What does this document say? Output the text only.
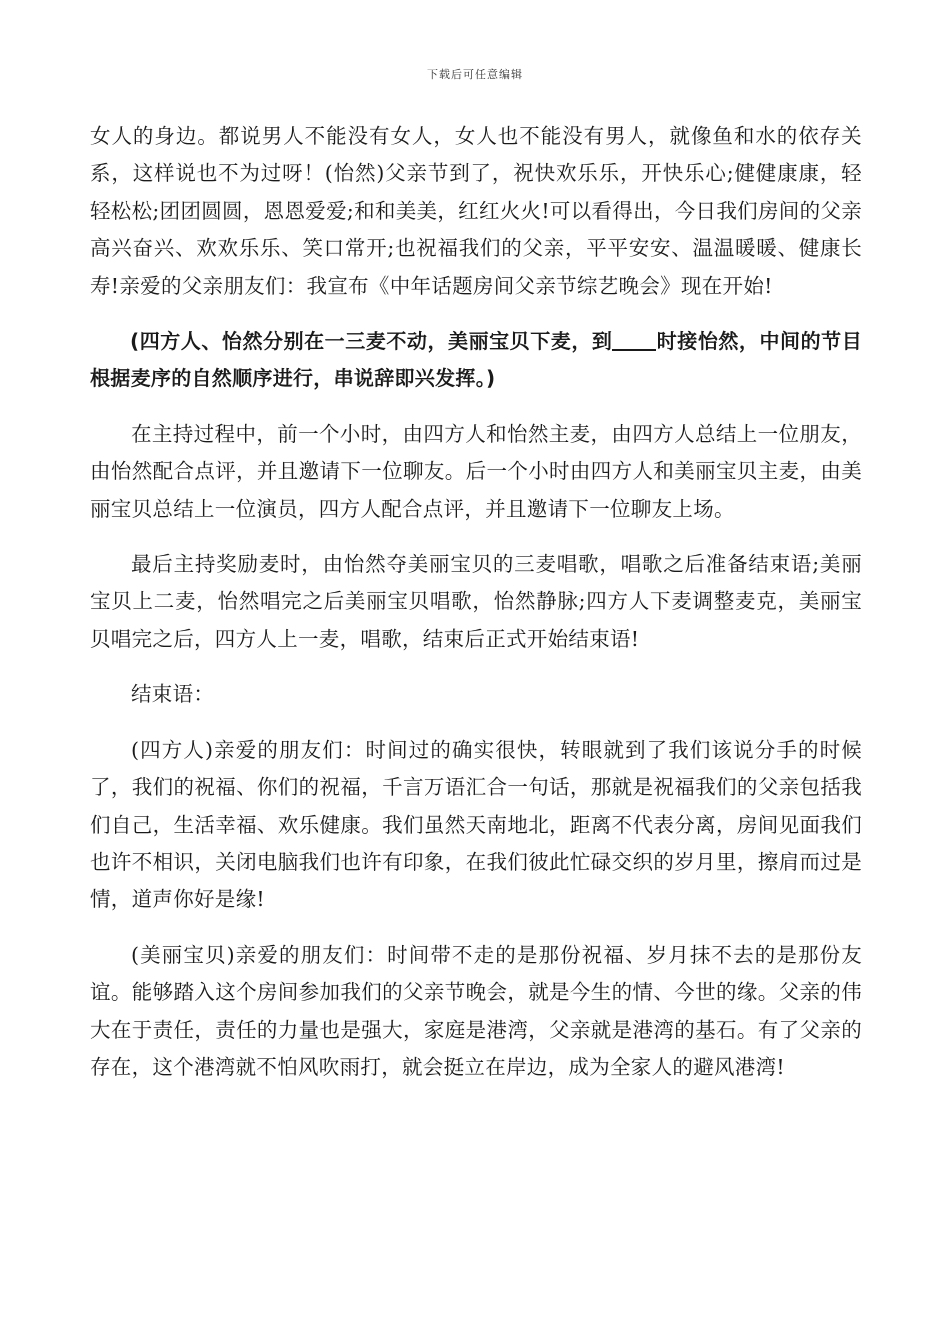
下载后可任意编辑

女人的身边。都说男人不能没有女人，女人也不能没有男人，就像鱼和水的依存关系，这样说也不为过呀！(怡然)父亲节到了，祝快欢乐乐，开快乐心;健健康康，轻轻松松;团团圆圆，恩恩爱爱;和和美美，红红火火!可以看得出，今日我们房间的父亲高兴奋兴、欢欢乐乐、笑口常开;也祝福我们的父亲，平平安安、温温暖暖、健康长寿!亲爱的父亲朋友们：我宣布《中年话题房间父亲节综艺晚会》现在开始!

(四方人、怡然分别在一三麦不动，美丽宝贝下麦，到 时接怡然，中间的节目根据麦序的自然顺序进行，串说辞即兴发挥。)

在主持过程中，前一个小时，由四方人和怡然主麦，由四方人总结上一位朋友，由怡然配合点评，并且邀请下一位聊友。后一个小时由四方人和美丽宝贝主麦，由美丽宝贝总结上一位演员，四方人配合点评，并且邀请下一位聊友上场。

最后主持奖励麦时，由怡然夺美丽宝贝的三麦唱歌，唱歌之后准备结束语;美丽宝贝上二麦，怡然唱完之后美丽宝贝唱歌，怡然静脉;四方人下麦调整麦克，美丽宝贝唱完之后，四方人上一麦，唱歌，结束后正式开始结束语!

结束语：

(四方人)亲爱的朋友们：时间过的确实很快，转眼就到了我们该说分手的时候了，我们的祝福、你们的祝福，千言万语汇合一句话，那就是祝福我们的父亲包括我们自己，生活幸福、欢乐健康。我们虽然天南地北，距离不代表分离，房间见面我们也许不相识，关闭电脑我们也许有印象，在我们彼此忙碌交织的岁月里，擦肩而过是情，道声你好是缘!

(美丽宝贝)亲爱的朋友们：时间带不走的是那份祝福、岁月抹不去的是那份友谊。能够踏入这个房间参加我们的父亲节晚会，就是今生的情、今世的缘。父亲的伟大在于责任，责任的力量也是强大，家庭是港湾，父亲就是港湾的基石。有了父亲的存在，这个港湾就不怕风吹雨打，就会挺立在岸边，成为全家人的避风港湾!
